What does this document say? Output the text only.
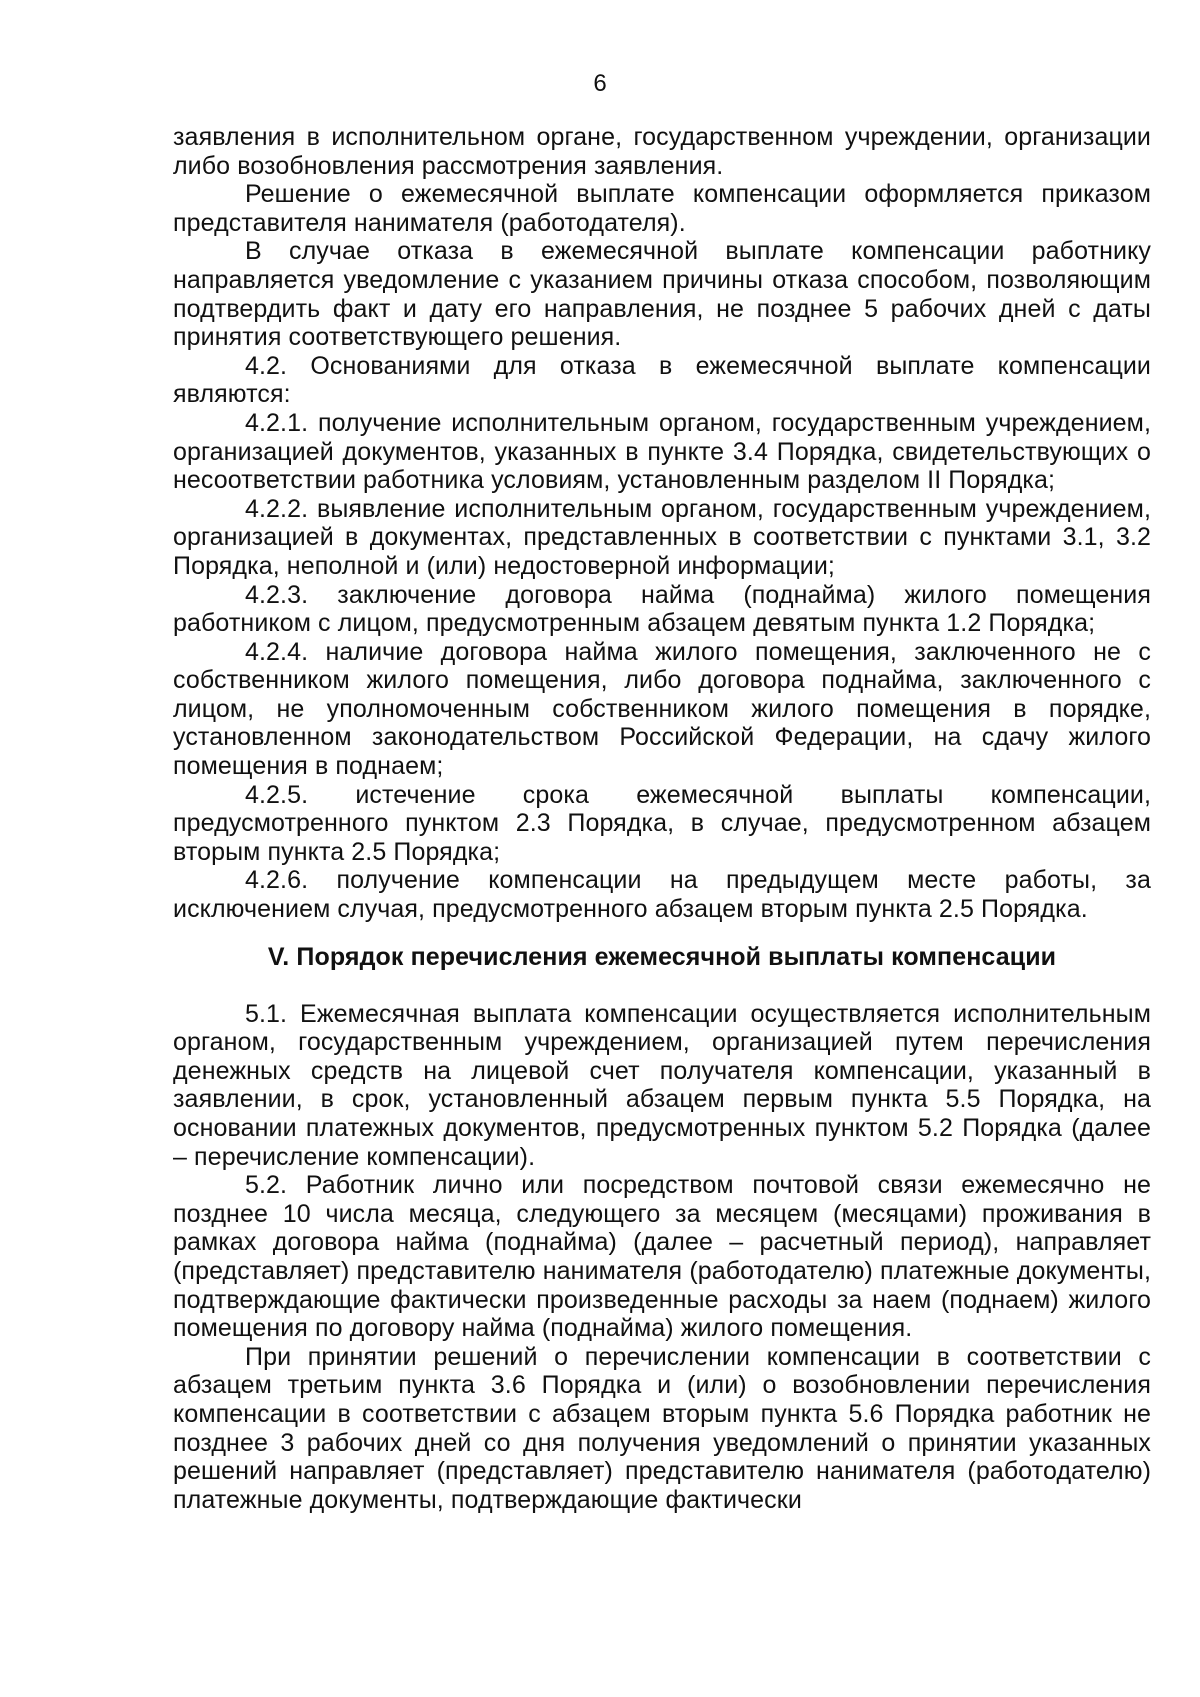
6

заявления в исполнительном органе, государственном учреждении, организации либо возобновления рассмотрения заявления.

Решение о ежемесячной выплате компенсации оформляется приказом представителя нанимателя (работодателя).

В случае отказа в ежемесячной выплате компенсации работнику направляется уведомление с указанием причины отказа способом, позволяющим подтвердить факт и дату его направления, не позднее 5 рабочих дней с даты принятия соответствующего решения.

4.2. Основаниями для отказа в ежемесячной выплате компенсации являются:

4.2.1. получение исполнительным органом, государственным учреждением, организацией документов, указанных в пункте 3.4 Порядка, свидетельствующих о несоответствии работника условиям, установленным разделом II Порядка;

4.2.2. выявление исполнительным органом, государственным учреждением, организацией в документах, представленных в соответствии с пунктами 3.1, 3.2 Порядка, неполной и (или) недостоверной информации;

4.2.3. заключение договора найма (поднайма) жилого помещения работником с лицом, предусмотренным абзацем девятым пункта 1.2 Порядка;

4.2.4. наличие договора найма жилого помещения, заключенного не с собственником жилого помещения, либо договора поднайма, заключенного с лицом, не уполномоченным собственником жилого помещения в порядке, установленном законодательством Российской Федерации, на сдачу жилого помещения в поднаем;

4.2.5. истечение срока ежемесячной выплаты компенсации, предусмотренного пунктом 2.3 Порядка, в случае, предусмотренном абзацем вторым пункта 2.5 Порядка;

4.2.6. получение компенсации на предыдущем месте работы, за исключением случая, предусмотренного абзацем вторым пункта 2.5 Порядка.

V. Порядок перечисления ежемесячной выплаты компенсации

5.1. Ежемесячная выплата компенсации осуществляется исполнительным органом, государственным учреждением, организацией путем перечисления денежных средств на лицевой счет получателя компенсации, указанный в заявлении, в срок, установленный абзацем первым пункта 5.5 Порядка, на основании платежных документов, предусмотренных пунктом 5.2 Порядка (далее – перечисление компенсации).

5.2. Работник лично или посредством почтовой связи ежемесячно не позднее 10 числа месяца, следующего за месяцем (месяцами) проживания в рамках договора найма (поднайма) (далее – расчетный период), направляет (представляет) представителю нанимателя (работодателю) платежные документы, подтверждающие фактически произведенные расходы за наем (поднаем) жилого помещения по договору найма (поднайма) жилого помещения.

При принятии решений о перечислении компенсации в соответствии с абзацем третьим пункта 3.6 Порядка и (или) о возобновлении перечисления компенсации в соответствии с абзацем вторым пункта 5.6 Порядка работник не позднее 3 рабочих дней со дня получения уведомлений о принятии указанных решений направляет (представляет) представителю нанимателя (работодателю) платежные документы, подтверждающие фактически
